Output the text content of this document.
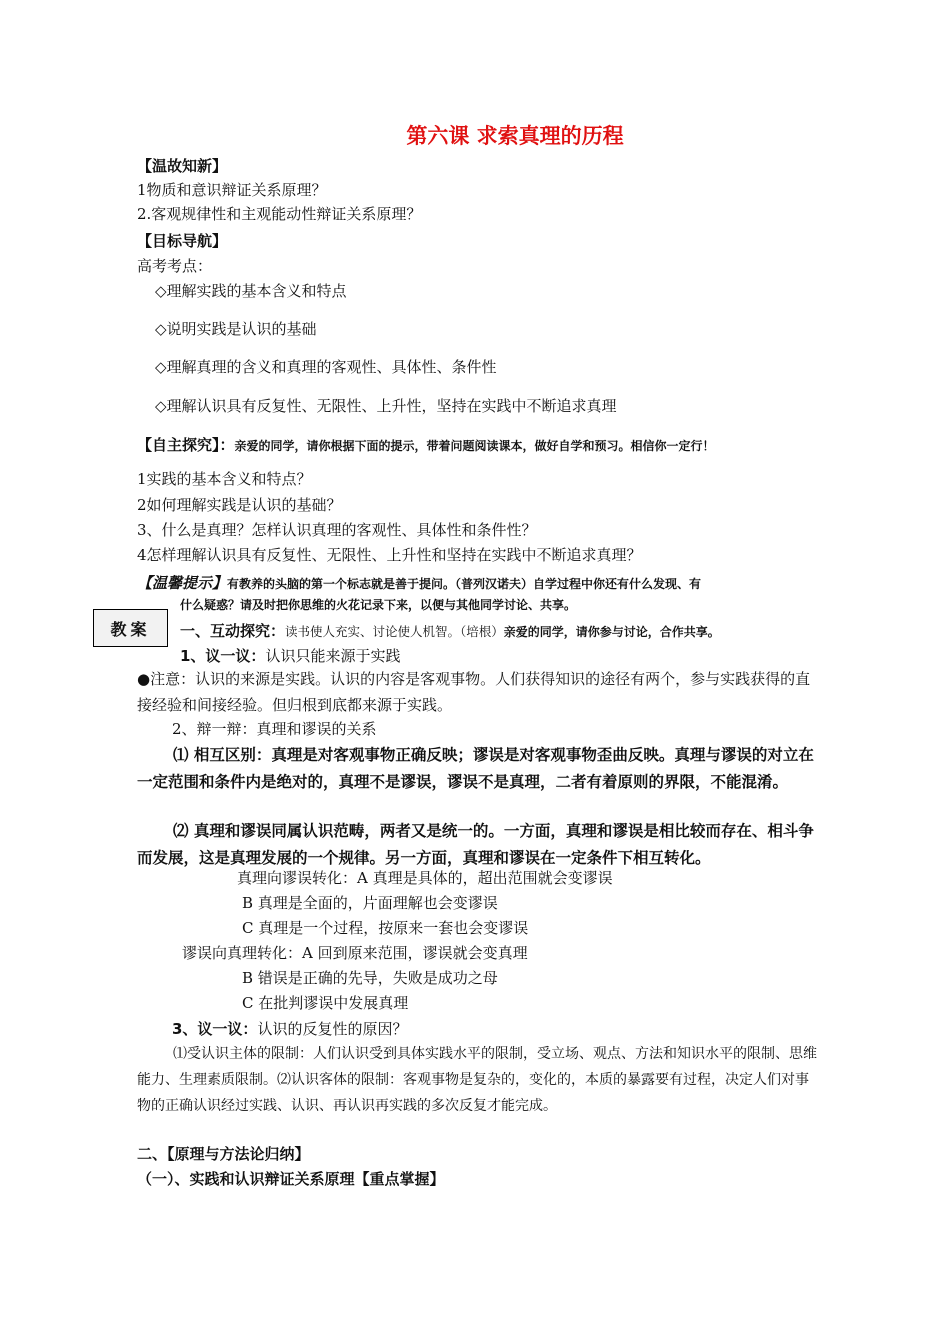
第六课 求索真理的历程
【温故知新】
1物质和意识辩证关系原理？
2.客观规律性和主观能动性辩证关系原理？
【目标导航】
高考考点：
◇理解实践的基本含义和特点
◇说明实践是认识的基础
◇理解真理的含义和真理的客观性、具体性、条件性
◇理解认识具有反复性、无限性、上升性，坚持在实践中不断追求真理
【自主探究】：亲爱的同学，请你根据下面的提示，带着问题阅读课本，做好自学和预习。相信你一定行！
1实践的基本含义和特点？
2如何理解实践是认识的基础？
3、什么是真理？怎样认识真理的客观性、具体性和条件性？
4怎样理解认识具有反复性、无限性、上升性和坚持在实践中不断追求真理？
【温馨提示】有教养的头脑的第一个标志就是善于提问。（普列汉诺夫）自学过程中你还有什么发现、有
什么疑惑？请及时把你思维的火花记录下来，以便与其他同学讨论、共享。
教案	一、互动探究：读书使人充实、讨论使人机智。（培根）亲爱的同学，请你参与讨论，合作共享。
1、议一议：认识只能来源于实践
●注意：认识的来源是实践。认识的内容是客观事物。人们获得知识的途径有两个，参与实践获得的直接经验和间接经验。但归根到底都来源于实践。
2、辩一辩：真理和谬误的关系
⑴ 相互区别：真理是对客观事物正确反映；谬误是对客观事物歪曲反映。真理与谬误的对立在一定范围和条件内是绝对的，真理不是谬误，谬误不是真理，二者有着原则的界限，不能混淆。
⑵ 真理和谬误同属认识范畴，两者又是统一的。一方面，真理和谬误是相比较而存在、相斗争而发展，这是真理发展的一个规律。另一方面，真理和谬误在一定条件下相互转化。
真理向谬误转化：A 真理是具体的，超出范围就会变谬误
B 真理是全面的，片面理解也会变谬误
C 真理是一个过程，按原来一套也会变谬误
谬误向真理转化：A 回到原来范围，谬误就会变真理
B 错误是正确的先导，失败是成功之母
C 在批判谬误中发展真理
3、议一议：认识的反复性的原因？
⑴受认识主体的限制：人们认识受到具体实践水平的限制，受立场、观点、方法和知识水平的限制、思维能力、生理素质限制。⑵认识客体的限制：客观事物是复杂的，变化的，本质的暴露要有过程，决定人们对事物的正确认识经过实践、认识、再认识再实践的多次反复才能完成。
二、【原理与方法论归纳】
（一）、实践和认识辩证关系原理【重点掌握】
